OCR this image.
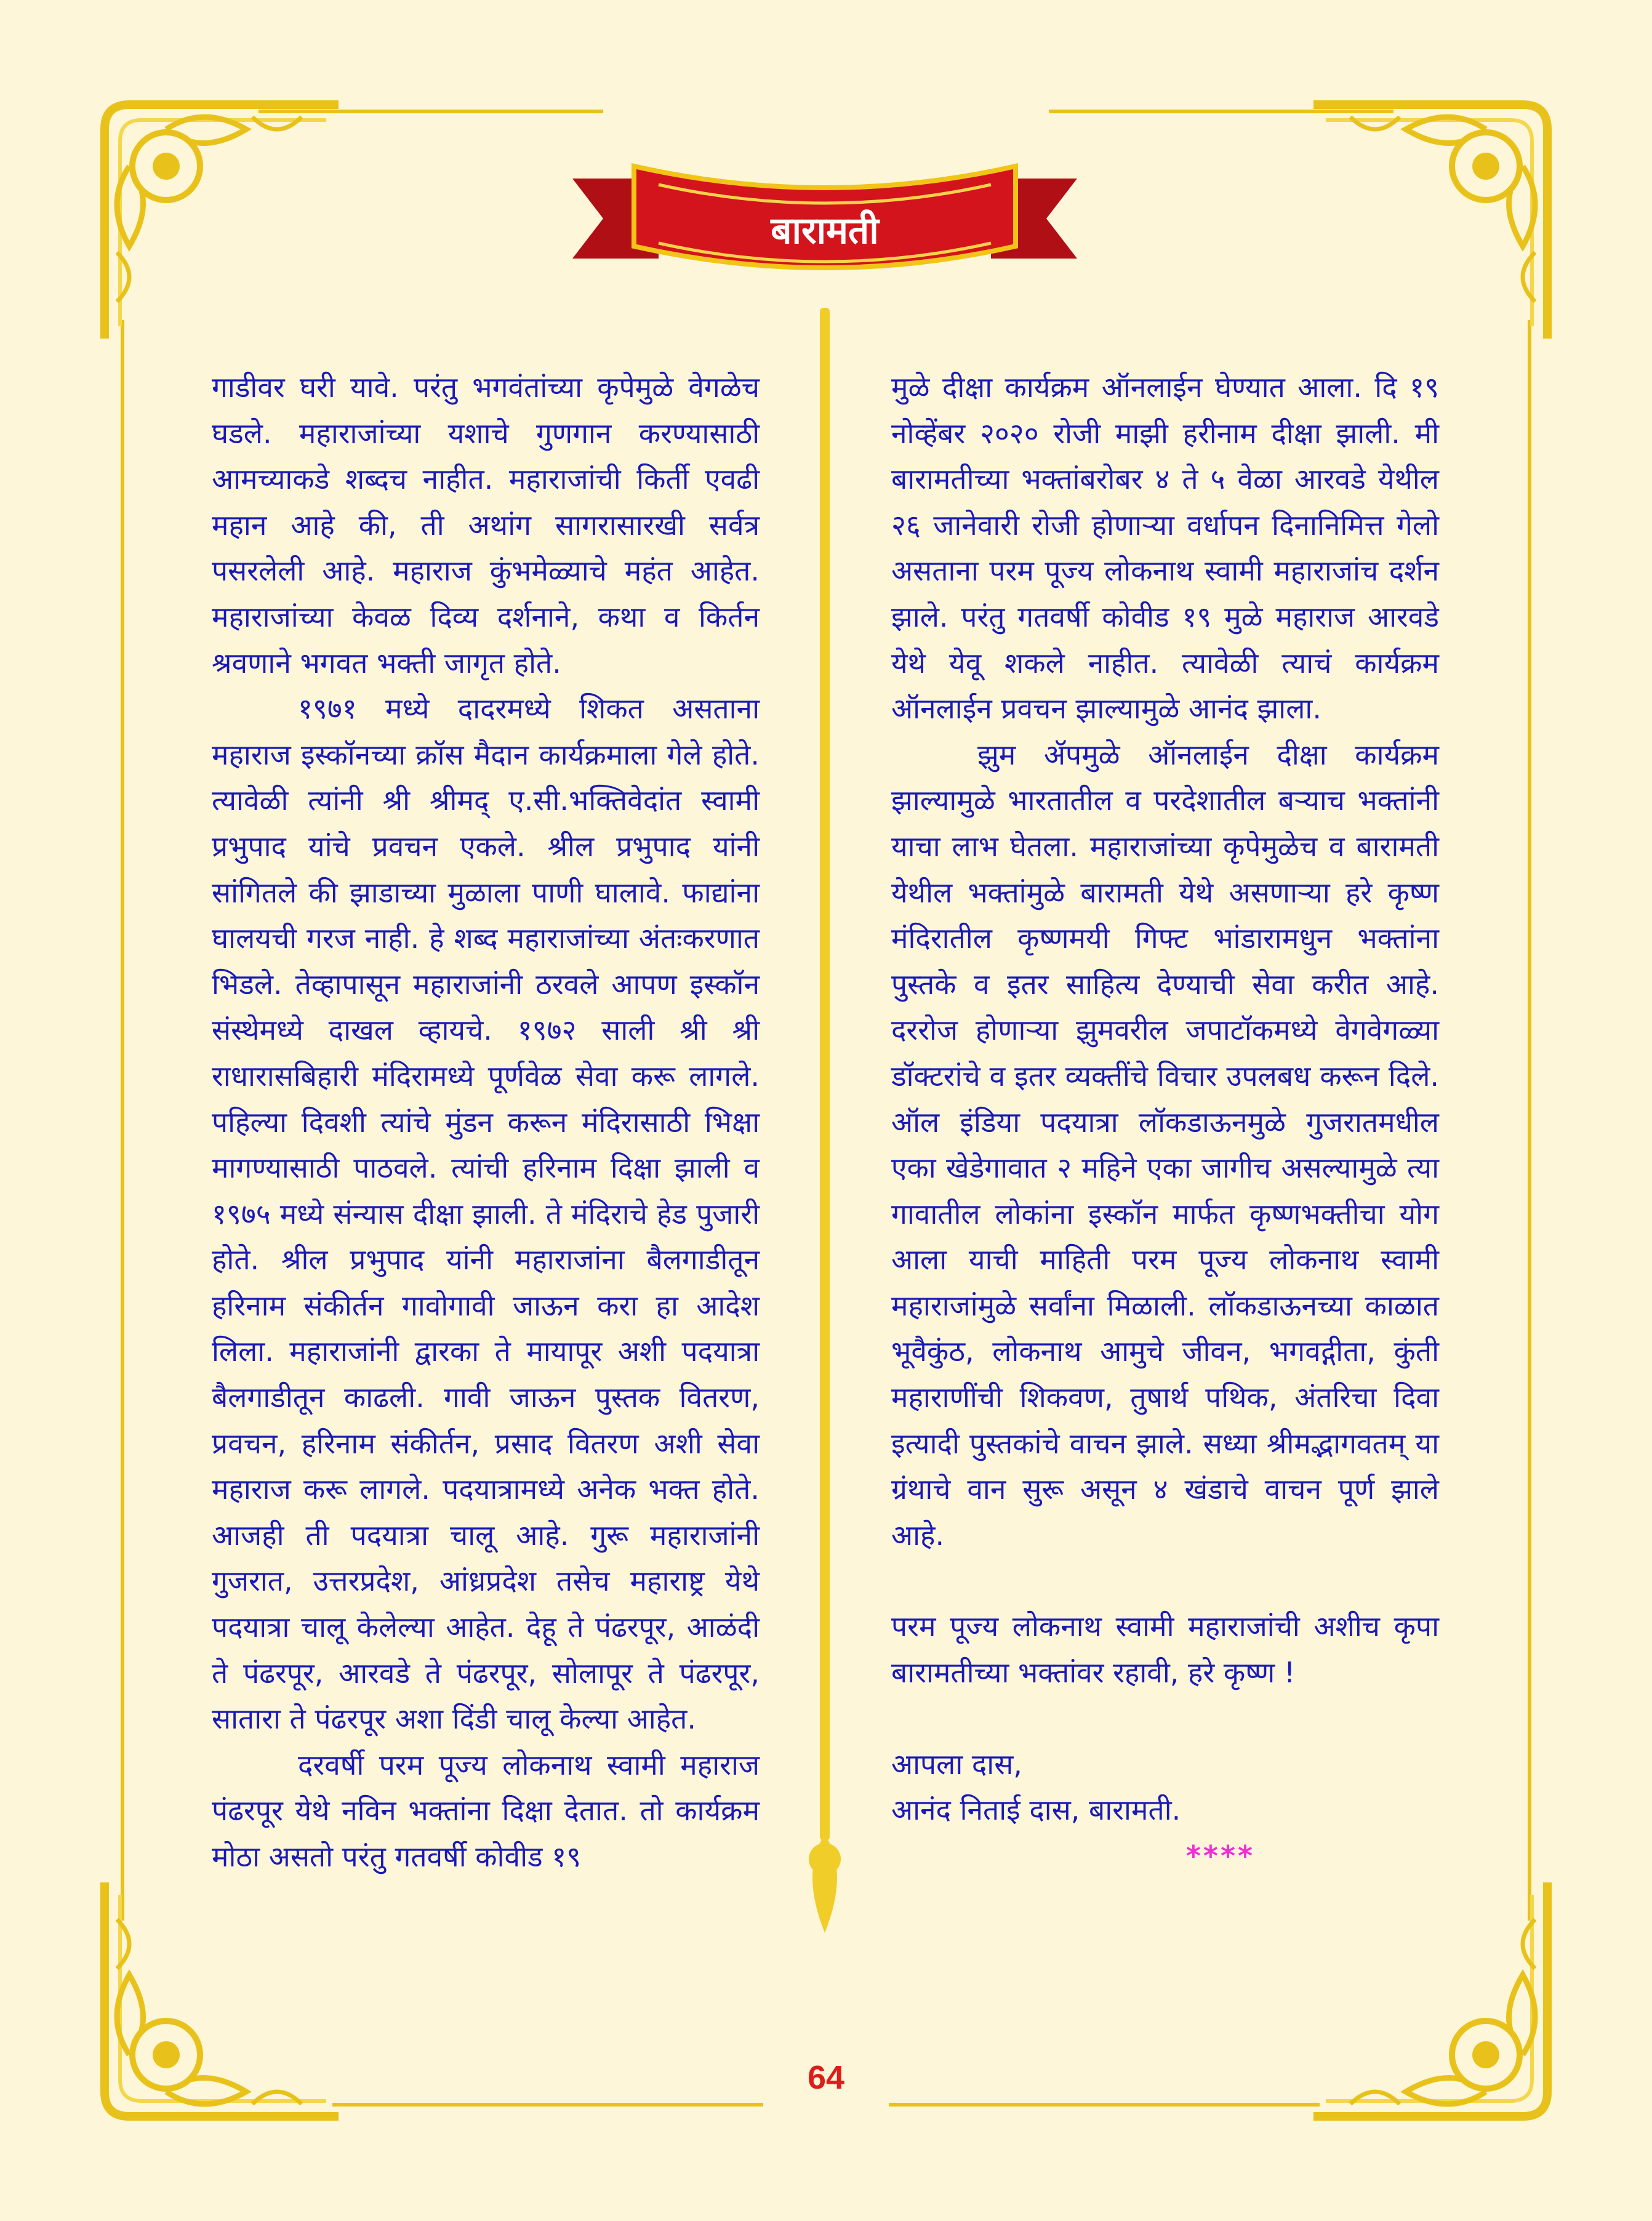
बारामती

गाडीवर घरी यावे. परंतु भगवंतांच्या कृपेमुळे वेगळेच घडले. महाराजांच्या यशाचे गुणगान करण्यासाठी आमच्याकडे शब्दच नाहीत. महाराजांची किर्ती एवढी महान आहे की, ती अथांग सागरासारखी सर्वत्र पसरलेली आहे. महाराज कुंभमेळ्याचे महंत आहेत. महाराजांच्या केवळ दिव्य दर्शनाने, कथा व किर्तन श्रवणाने भगवत भक्ती जागृत होते.

१९७१ मध्ये दादरमध्ये शिकत असताना महाराज इस्कॉनच्या क्रॉस मैदान कार्यक्रमाला गेले होते. त्यावेळी त्यांनी श्री श्रीमद् ए.सी.भक्तिवेदांत स्वामी प्रभुपाद यांचे प्रवचन एकले. श्रील प्रभुपाद यांनी सांगितले की झाडाच्या मुळाला पाणी घालावे. फाद्यांना घालयची गरज नाही. हे शब्द महाराजांच्या अंतःकरणात भिडले. तेव्हापासून महाराजांनी ठरवले आपण इस्कॉन संस्थेमध्ये दाखल व्हायचे. १९७२ साली श्री श्री राधारासबिहारी मंदिरामध्ये पूर्णवेळ सेवा करू लागले. पहिल्या दिवशी त्यांचे मुंडन करून मंदिरासाठी भिक्षा मागण्यासाठी पाठवले. त्यांची हरिनाम दिक्षा झाली व १९७५ मध्ये संन्यास दीक्षा झाली. ते मंदिराचे हेड पुजारी होते. श्रील प्रभुपाद यांनी महाराजांना बैलगाडीतून हरिनाम संकीर्तन गावोगावी जाऊन करा हा आदेश लिला. महाराजांनी द्वारका ते मायापूर अशी पदयात्रा बैलगाडीतून काढली. गावी जाऊन पुस्तक वितरण, प्रवचन, हरिनाम संकीर्तन, प्रसाद वितरण अशी सेवा महाराज करू लागले. पदयात्रामध्ये अनेक भक्त होते. आजही ती पदयात्रा चालू आहे. गुरू महाराजांनी गुजरात, उत्तरप्रदेश, आंध्रप्रदेश तसेच महाराष्ट्र येथे पदयात्रा चालू केलेल्या आहेत. देहू ते पंढरपूर, आळंदी ते पंढरपूर, आरवडे ते पंढरपूर, सोलापूर ते पंढरपूर, सातारा ते पंढरपूर अशा दिंडी चालू केल्या आहेत.

दरवर्षी परम पूज्य लोकनाथ स्वामी महाराज पंढरपूर येथे नविन भक्तांना दिक्षा देतात. तो कार्यक्रम मोठा असतो परंतु गतवर्षी कोवीड १९

मुळे दीक्षा कार्यक्रम ऑनलाईन घेण्यात आला. दि १९ नोव्हेंबर २०२० रोजी माझी हरीनाम दीक्षा झाली. मी बारामतीच्या भक्तांबरोबर ४ ते ५ वेळा आरवडे येथील २६ जानेवारी रोजी होणाऱ्या वर्धापन दिनानिमित्त गेलो असताना परम पूज्य लोकनाथ स्वामी महाराजांच दर्शन झाले. परंतु गतवर्षी कोवीड १९ मुळे महाराज आरवडे येथे येवू शकले नाहीत. त्यावेळी त्याचं कार्यक्रम ऑनलाईन प्रवचन झाल्यामुळे आनंद झाला.

झुम ॲपमुळे ऑनलाईन दीक्षा कार्यक्रम झाल्यामुळे भारतातील व परदेशातील बऱ्याच भक्तांनी याचा लाभ घेतला. महाराजांच्या कृपेमुळेच व बारामती येथील भक्तांमुळे बारामती येथे असणाऱ्या हरे कृष्ण मंदिरातील कृष्णमयी गिफ्ट भांडारामधुन भक्तांना पुस्तके व इतर साहित्य देण्याची सेवा करीत आहे. दररोज होणाऱ्या झुमवरील जपाटॉकमध्ये वेगवेगळ्या डॉक्टरांचे व इतर व्यक्तींचे विचार उपलबध करून दिले. ऑल इंडिया पदयात्रा लॉकडाऊनमुळे गुजरातमधील एका खेडेगावात २ महिने एका जागीच असल्यामुळे त्या गावातील लोकांना इस्कॉन मार्फत कृष्णभक्तीचा योग आला याची माहिती परम पूज्य लोकनाथ स्वामी महाराजांमुळे सर्वांना मिळाली. लॉकडाऊनच्या काळात भूवैकुंठ, लोकनाथ आमुचे जीवन, भगवद्गीता, कुंती महाराणींची शिकवण, तुषार्थ पथिक, अंतरिचा दिवा इत्यादी पुस्तकांचे वाचन झाले. सध्या श्रीमद्भागवतम् या ग्रंथाचे वान सुरू असून ४ खंडाचे वाचन पूर्ण झाले आहे.

परम पूज्य लोकनाथ स्वामी महाराजांची अशीच कृपा बारामतीच्या भक्तांवर रहावी, हरे कृष्ण !

आपला दास,

आनंद निताई दास, बारामती.

****

64
